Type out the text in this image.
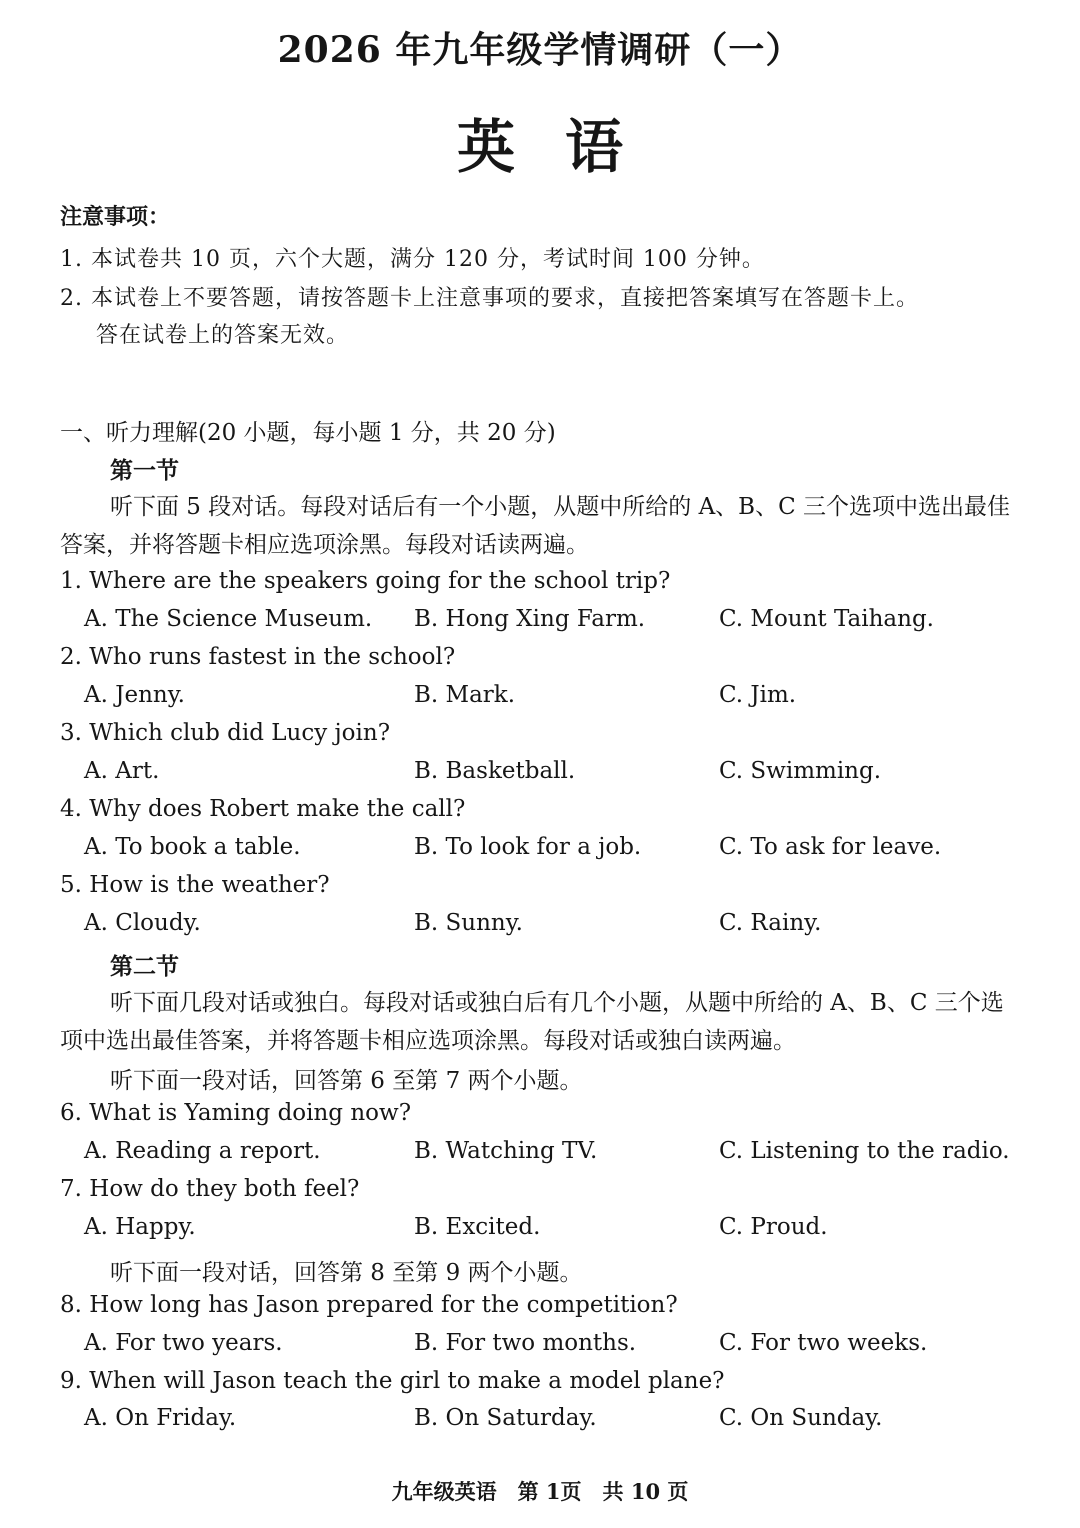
2026 年九年级学情调研（一）
英语
注意事项：
1. 本试卷共 10 页，六个大题，满分 120 分，考试时间 100 分钟。
2. 本试卷上不要答题，请按答题卡上注意事项的要求，直接把答案填写在答题卡上。
答在试卷上的答案无效。
一、听力理解(20 小题，每小题 1 分，共 20 分)
第一节
听下面 5 段对话。每段对话后有一个小题，从题中所给的 A、B、C 三个选项中选出最佳答案，并将答题卡相应选项涂黑。每段对话读两遍。
1. Where are the speakers going for the school trip?
A. The Science Museum. B. Hong Xing Farm.	C. Mount Taihang.
2. Who runs fastest in the school?
A. Jenny.	B. Mark.	C. Jim.
3. Which club did Lucy join?
A. Art.	B. Basketball.	C. Swimming.
4. Why does Robert make the call?
A. To book a table.	B. To look for a job.	C. To ask for leave.
5. How is the weather?
A. Cloudy.	B. Sunny.	C. Rainy.
第二节
听下面几段对话或独白。每段对话或独白后有几个小题，从题中所给的 A、B、C 三个选项中选出最佳答案，并将答题卡相应选项涂黑。每段对话或独白读两遍。
听下面一段对话，回答第 6 至第 7 两个小题。
6. What is Yaming doing now?
A. Reading a report.	B. Watching TV.	C. Listening to the radio.
7. How do they both feel?
A. Happy.	B. Excited.	C. Proud.
听下面一段对话，回答第 8 至第 9 两个小题。
8. How long has Jason prepared for the competition?
A. For two years.	B. For two months.	C. For two weeks.
9. When will Jason teach the girl to make a model plane?
A. On Friday.	B. On Saturday.	C. On Sunday.
九年级英语　第 1页　共 10 页
